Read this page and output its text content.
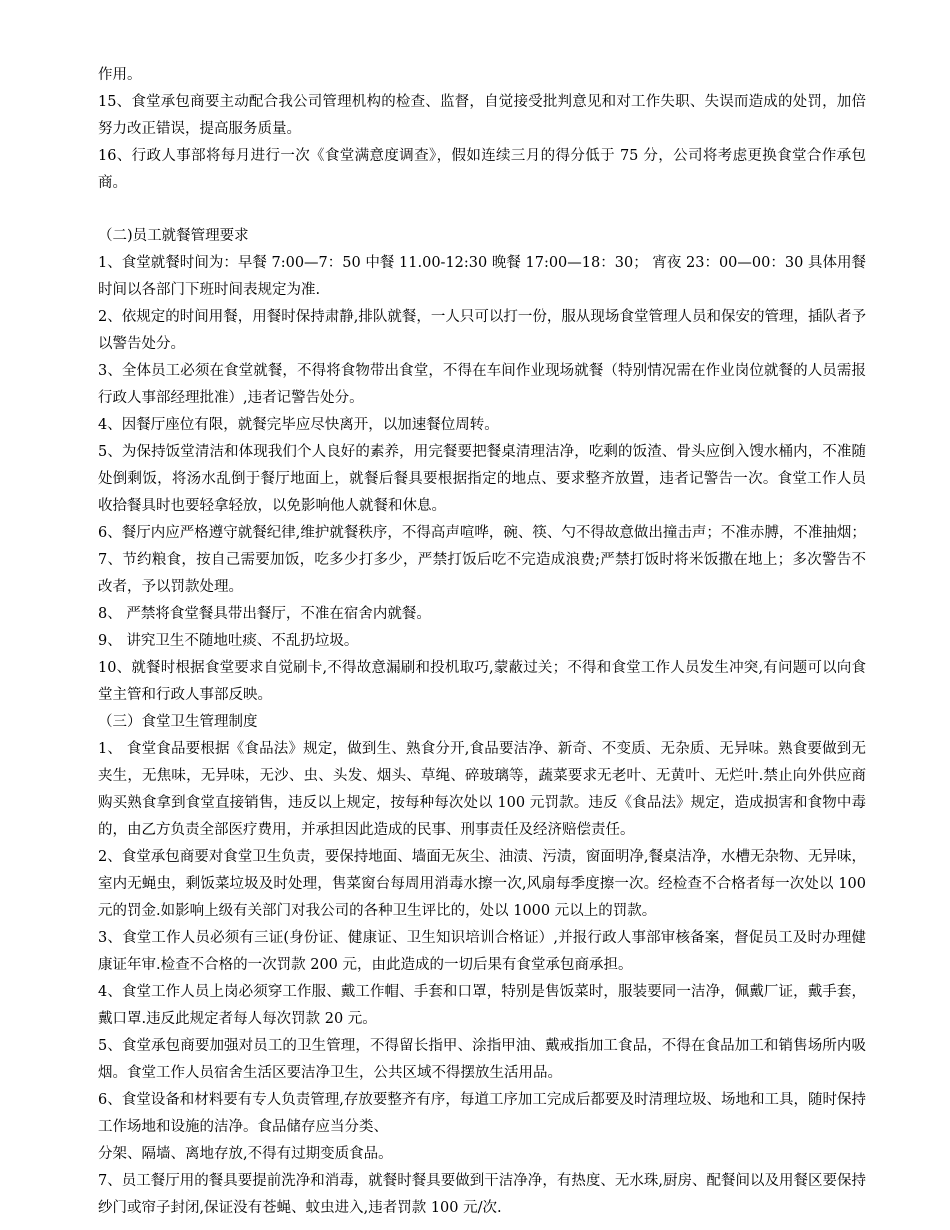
作用。

15、食堂承包商要主动配合我公司管理机构的检查、监督，自觉接受批判意见和对工作失职、失误而造成的处罚，加倍努力改正错误，提高服务质量。

16、行政人事部将每月进行一次《食堂满意度调查》，假如连续三月的得分低于 75 分，公司将考虑更换食堂合作承包商。

（二)员工就餐管理要求

1、食堂就餐时间为：早餐 7:00—7：50 中餐 11.00-12:30 晚餐 17:00—18：30； 宵夜 23：00—00：30 具体用餐时间以各部门下班时间表规定为准.

2、依规定的时间用餐，用餐时保持肃静,排队就餐，一人只可以打一份，服从现场食堂管理人员和保安的管理，插队者予以警告处分。

3、全体员工必须在食堂就餐，不得将食物带出食堂，不得在车间作业现场就餐（特别情况需在作业岗位就餐的人员需报行政人事部经理批准）,违者记警告处分。

4、因餐厅座位有限，就餐完毕应尽快离开，以加速餐位周转。

5、为保持饭堂清洁和体现我们个人良好的素养，用完餐要把餐桌清理洁净，吃剩的饭渣、骨头应倒入馊水桶内，不准随处倒剩饭，将汤水乱倒于餐厅地面上，就餐后餐具要根据指定的地点、要求整齐放置，违者记警告一次。食堂工作人员收拾餐具时也要轻拿轻放，以免影响他人就餐和休息。

6、餐厅内应严格遵守就餐纪律,维护就餐秩序，不得高声喧哗，碗、筷、勺不得故意做出撞击声；不准赤膊，不准抽烟；

7、节约粮食，按自己需要加饭，吃多少打多少，严禁打饭后吃不完造成浪费;严禁打饭时将米饭撒在地上；多次警告不改者，予以罚款处理。

8、 严禁将食堂餐具带出餐厅，不准在宿舍内就餐。

9、 讲究卫生不随地吐痰、不乱扔垃圾。

10、就餐时根据食堂要求自觉刷卡,不得故意漏刷和投机取巧,蒙蔽过关；不得和食堂工作人员发生冲突,有问题可以向食堂主管和行政人事部反映。

（三）食堂卫生管理制度

1、 食堂食品要根据《食品法》规定，做到生、熟食分开,食品要洁净、新奇、不变质、无杂质、无异味。熟食要做到无夹生，无焦味，无异味，无沙、虫、头发、烟头、草绳、碎玻璃等，蔬菜要求无老叶、无黄叶、无烂叶.禁止向外供应商购买熟食拿到食堂直接销售，违反以上规定，按每种每次处以 100 元罚款。违反《食品法》规定，造成损害和食物中毒的，由乙方负责全部医疗费用，并承担因此造成的民事、刑事责任及经济赔偿责任。

2、食堂承包商要对食堂卫生负责，要保持地面、墙面无灰尘、油渍、污渍，窗面明净,餐桌洁净，水槽无杂物、无异味，室内无蝇虫，剩饭菜垃圾及时处理，售菜窗台每周用消毒水擦一次,风扇每季度擦一次。经检查不合格者每一次处以 100 元的罚金.如影响上级有关部门对我公司的各种卫生评比的，处以 1000 元以上的罚款。

3、食堂工作人员必须有三证(身份证、健康证、卫生知识培训合格证）,并报行政人事部审核备案，督促员工及时办理健康证年审.检查不合格的一次罚款 200 元，由此造成的一切后果有食堂承包商承担。

4、食堂工作人员上岗必须穿工作服、戴工作帽、手套和口罩，特别是售饭菜时，服装要同一洁净，佩戴厂证，戴手套，戴口罩.违反此规定者每人每次罚款 20 元。

5、食堂承包商要加强对员工的卫生管理，不得留长指甲、涂指甲油、戴戒指加工食品，不得在食品加工和销售场所内吸烟。食堂工作人员宿舍生活区要洁净卫生，公共区域不得摆放生活用品。

6、食堂设备和材料要有专人负责管理,存放要整齐有序，每道工序加工完成后都要及时清理垃圾、场地和工具，随时保持工作场地和设施的洁净。食品储存应当分类、

分架、隔墙、离地存放,不得有过期变质食品。

7、员工餐厅用的餐具要提前洗净和消毒，就餐时餐具要做到干洁净净，有热度、无水珠,厨房、配餐间以及用餐区要保持纱门或帘子封闭,保证没有苍蝇、蚊虫进入,违者罚款 100 元/次.
